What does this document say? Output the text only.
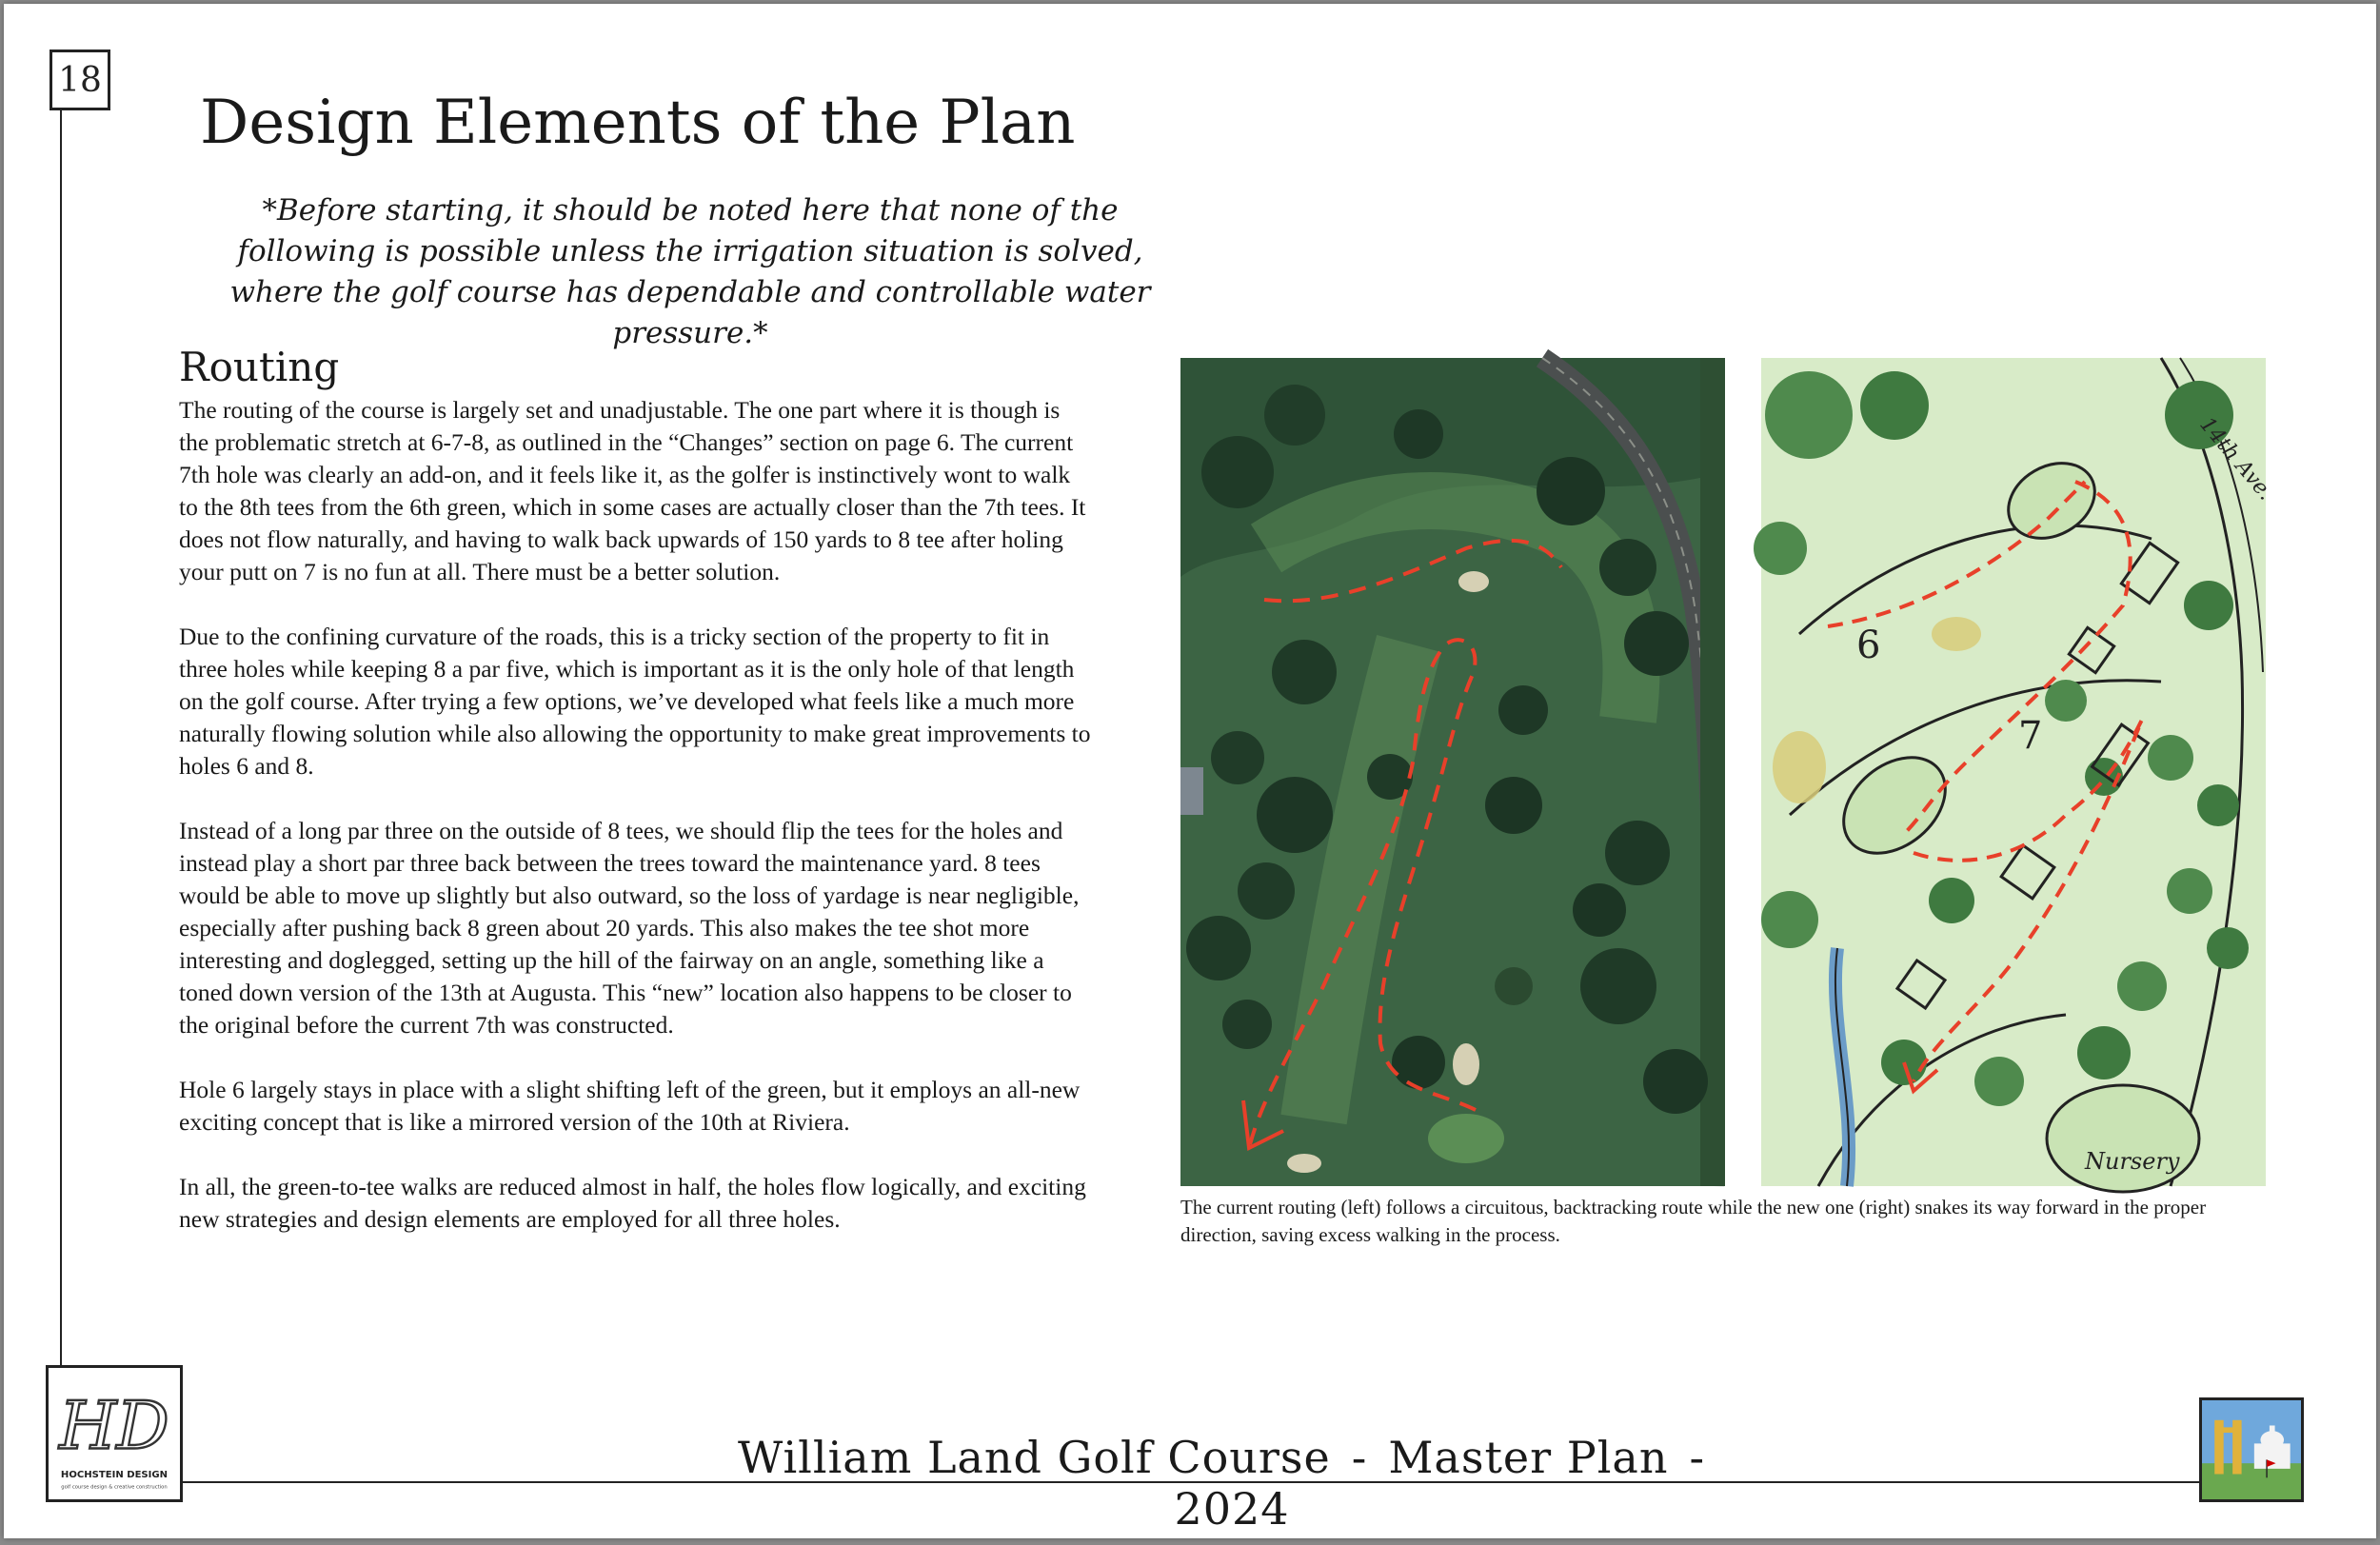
18
Design Elements of the Plan

*Before starting, it should be noted here that none of the following is possible unless the irrigation situation is solved, where the golf course has dependable and controllable water pressure.*

Routing

The routing of the course is largely set and unadjustable. The one part where it is though is the problematic stretch at 6-7-8, as outlined in the “Changes” section on page 6. The current 7th hole was clearly an add-on, and it feels like it, as the golfer is instinctively wont to walk to the 8th tees from the 6th green, which in some cases are actually closer than the 7th tees. It does not flow naturally, and having to walk back upwards of 150 yards to 8 tee after holing your putt on 7 is no fun at all. There must be a better solution.

Due to the confining curvature of the roads, this is a tricky section of the property to fit in three holes while keeping 8 a par five, which is important as it is the only hole of that length on the golf course. After trying a few options, we’ve developed what feels like a much more naturally flowing solution while also allowing the opportunity to make great improvements to holes 6 and 8.

Instead of a long par three on the outside of 8 tees, we should flip the tees for the holes and instead play a short par three back between the trees toward the maintenance yard. 8 tees would be able to move up slightly but also outward, so the loss of yardage is near negligible, especially after pushing back 8 green about 20 yards. This also makes the tee shot more interesting and doglegged, setting up the hill of the fairway on an angle, something like a toned down version of the 13th at Augusta. This “new” location also happens to be closer to the original before the current 7th was constructed.

Hole 6 largely stays in place with a slight shifting left of the green, but it employs an all-new exciting concept that is like a mirrored version of the 10th at Riviera.

In all, the green-to-tee walks are reduced almost in half, the holes flow logically, and exciting new strategies and design elements are employed for all three holes.

14th Ave.
6
7
Nursery
The current routing (left) follows a circuitous, backtracking route while the new one (right) snakes its way forward in the proper direction, saving excess walking in the process.
HD
HOCHSTEIN DESIGN
golf course design & creative construction
William Land Golf Course - Master Plan -2024
